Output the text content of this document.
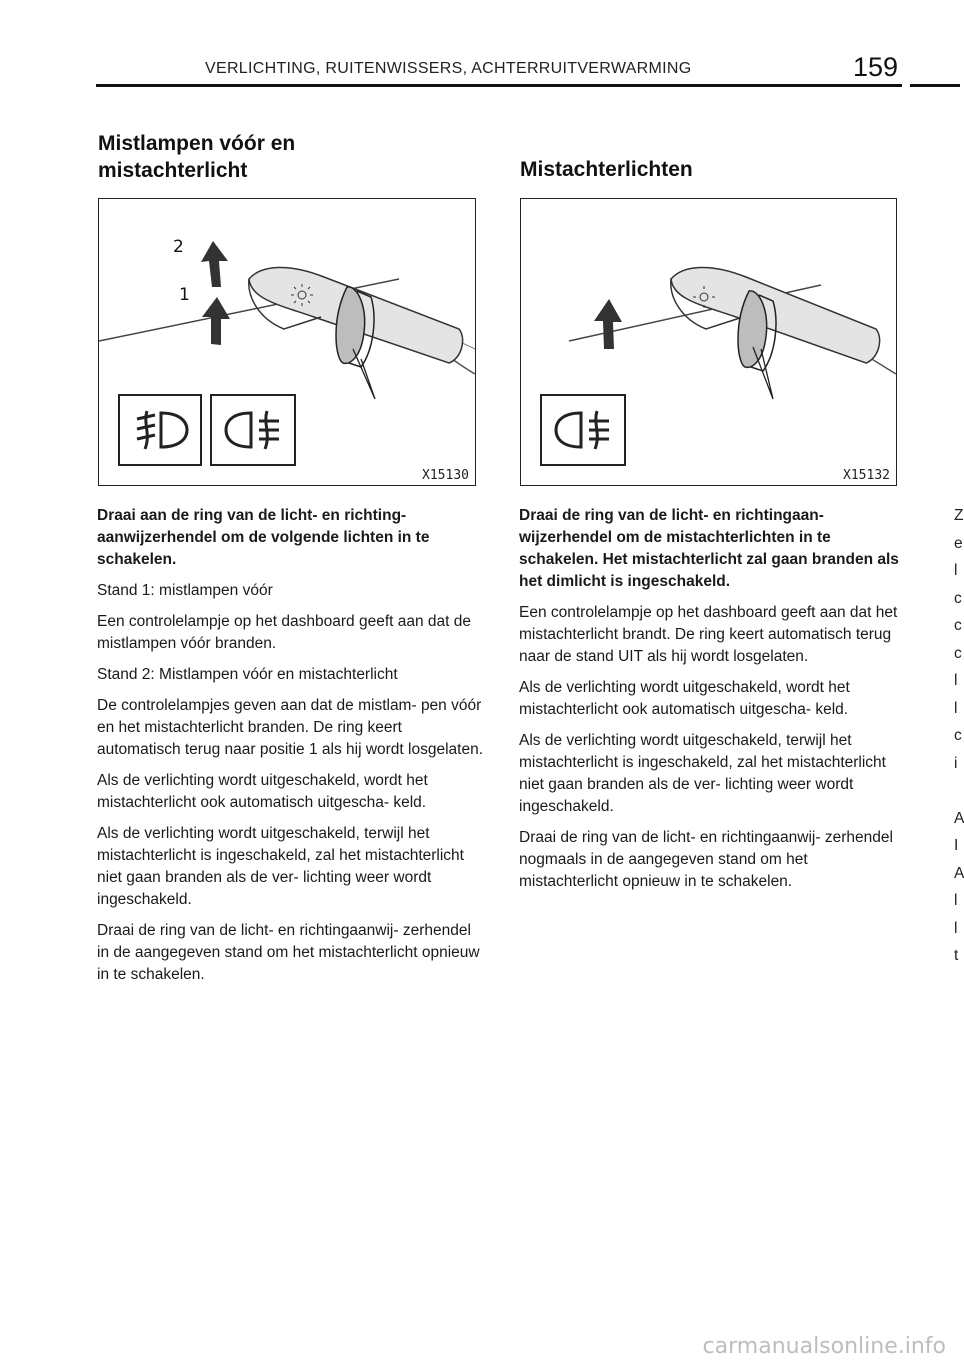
VERLICHTING, RUITENWISSERS, ACHTERRUITVERWARMING	159
Mistlampen vóór en
mistachterlicht
2
1
X15130

Draai aan de ring van de licht- en richting- aanwijzerhendel om de volgende lichten in te schakelen.

Stand 1: mistlampen vóór

Een controlelampje op het dashboard geeft aan dat de mistlampen vóór branden.

Stand 2: Mistlampen vóór en mistachterlicht

De controlelampjes geven aan dat de mistlam- pen vóór en het mistachterlicht branden. De ring keert automatisch terug naar positie 1 als hij wordt losgelaten.

Als de verlichting wordt uitgeschakeld, wordt het mistachterlicht ook automatisch uitgescha- keld.

Als de verlichting wordt uitgeschakeld, terwijl het mistachterlicht is ingeschakeld, zal het mistachterlicht niet gaan branden als de ver- lichting weer wordt ingeschakeld.

Draai de ring van de licht- en richtingaanwij- zerhendel in de aangegeven stand om het mistachterlicht opnieuw in te schakelen.

Mistachterlichten
X15132

Draai de ring van de licht- en richtingaan- wijzerhendel om de mistachterlichten in te schakelen. Het mistachterlicht zal gaan branden als het dimlicht is ingeschakeld.

Een controlelampje op het dashboard geeft aan dat het mistachterlicht brandt. De ring keert automatisch terug naar de stand UIT als hij wordt losgelaten.

Als de verlichting wordt uitgeschakeld, wordt het mistachterlicht ook automatisch uitgescha- keld.

Als de verlichting wordt uitgeschakeld, terwijl het mistachterlicht is ingeschakeld, zal het mistachterlicht niet gaan branden als de ver- lichting weer wordt ingeschakeld.

Draai de ring van de licht- en richtingaanwij- zerhendel nogmaals in de aangegeven stand om het mistachterlicht opnieuw in te schakelen.

Z
e
l
c
c
c
l
l
c
i
A
I
A
l
l
t
carmanualsonline.info
